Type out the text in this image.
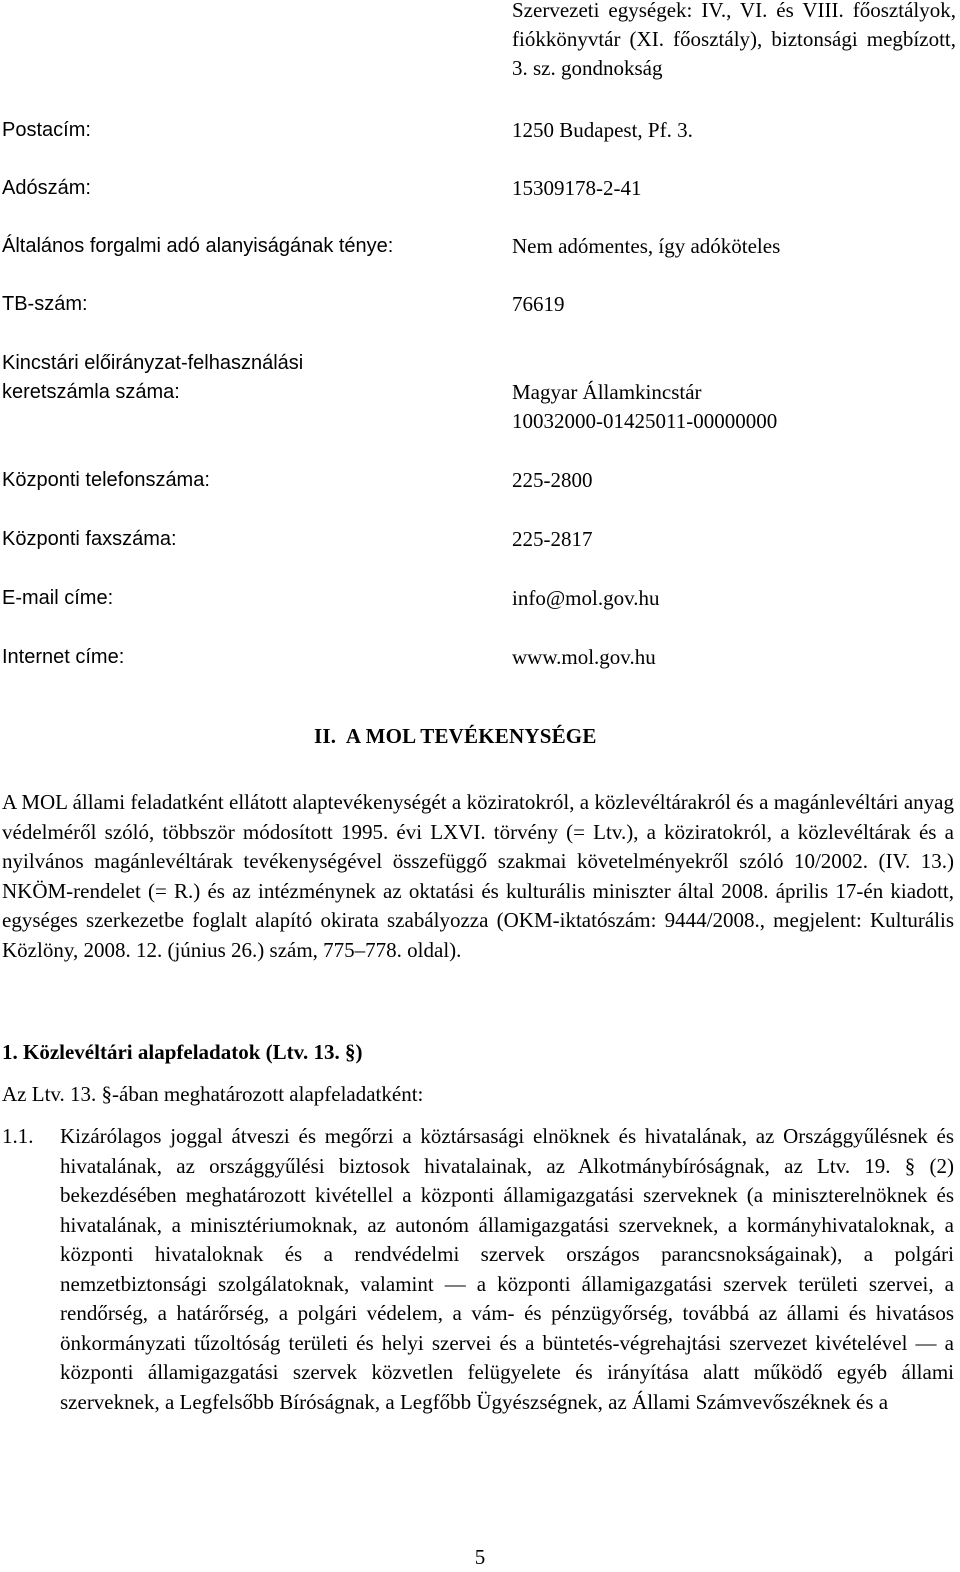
Szervezeti egységek: IV., VI. és VIII. főosztályok, fiókkönyvtár (XI. főosztály), biztonsági megbízott, 3. sz. gondnokság
Postacím:	1250 Budapest, Pf. 3.
Adószám:	15309178-2-41
Általános forgalmi adó alanyiságának ténye:	Nem adómentes, így adóköteles
TB-szám:	76619
Kincstári előirányzat-felhasználási keretszámla száma:	Magyar Államkincstár
10032000-01425011-00000000
Központi telefonszáma:	225-2800
Központi faxszáma:	225-2817
E-mail címe:	info@mol.gov.hu
Internet címe:	www.mol.gov.hu
II.  A MOL TEVÉKENYSÉGE
A MOL állami feladatként ellátott alaptevékenységét a köziratokról, a közlevéltárakról és a magánlevéltári anyag védelméről szóló, többször módosított 1995. évi LXVI. törvény (= Ltv.), a köziratokról, a közlevéltárak és a nyilvános magánlevéltárak tevékenységével összefüggő szakmai követelményekről szóló 10/2002. (IV. 13.) NKÖM-rendelet (= R.) és az intézménynek az oktatási és kulturális miniszter által 2008. április 17-én kiadott, egységes szerkezetbe foglalt alapító okirata szabályozza (OKM-iktatószám: 9444/2008., megjelent: Kulturális Közlöny, 2008. 12. (június 26.) szám, 775–778. oldal).
1. Közlevéltári alapfeladatok (Ltv. 13. §)
Az Ltv. 13. §-ában meghatározott alapfeladatként:
1.1. Kizárólagos joggal átveszi és megőrzi a köztársasági elnöknek és hivatalának, az Országgyűlésnek és hivatalának, az országgyűlési biztosok hivatalainak, az Alkotmánybíróságnak, az Ltv. 19. § (2) bekezdésében meghatározott kivétellel a központi államigazgatási szerveknek (a miniszterelnöknek és hivatalának, a minisztériumoknak, az autonóm államigazgatási szerveknek, a kormányhivataloknak, a központi hivataloknak és a rendvédelmi szervek országos parancsnokságainak), a polgári nemzetbiztonsági szolgálatoknak, valamint — a központi államigazgatási szervek területi szervei, a rendőrség, a határőrség, a polgári védelem, a vám- és pénzügyőrség, továbbá az állami és hivatásos önkormányzati tűzoltóság területi és helyi szervei és a büntetés-végrehajtási szervezet kivételével — a központi államigazgatási szervek közvetlen felügyelete és irányítása alatt működő egyéb állami szerveknek, a Legfelsőbb Bíróságnak, a Legfőbb Ügyészségnek, az Állami Számvevőszéknek és a
5
